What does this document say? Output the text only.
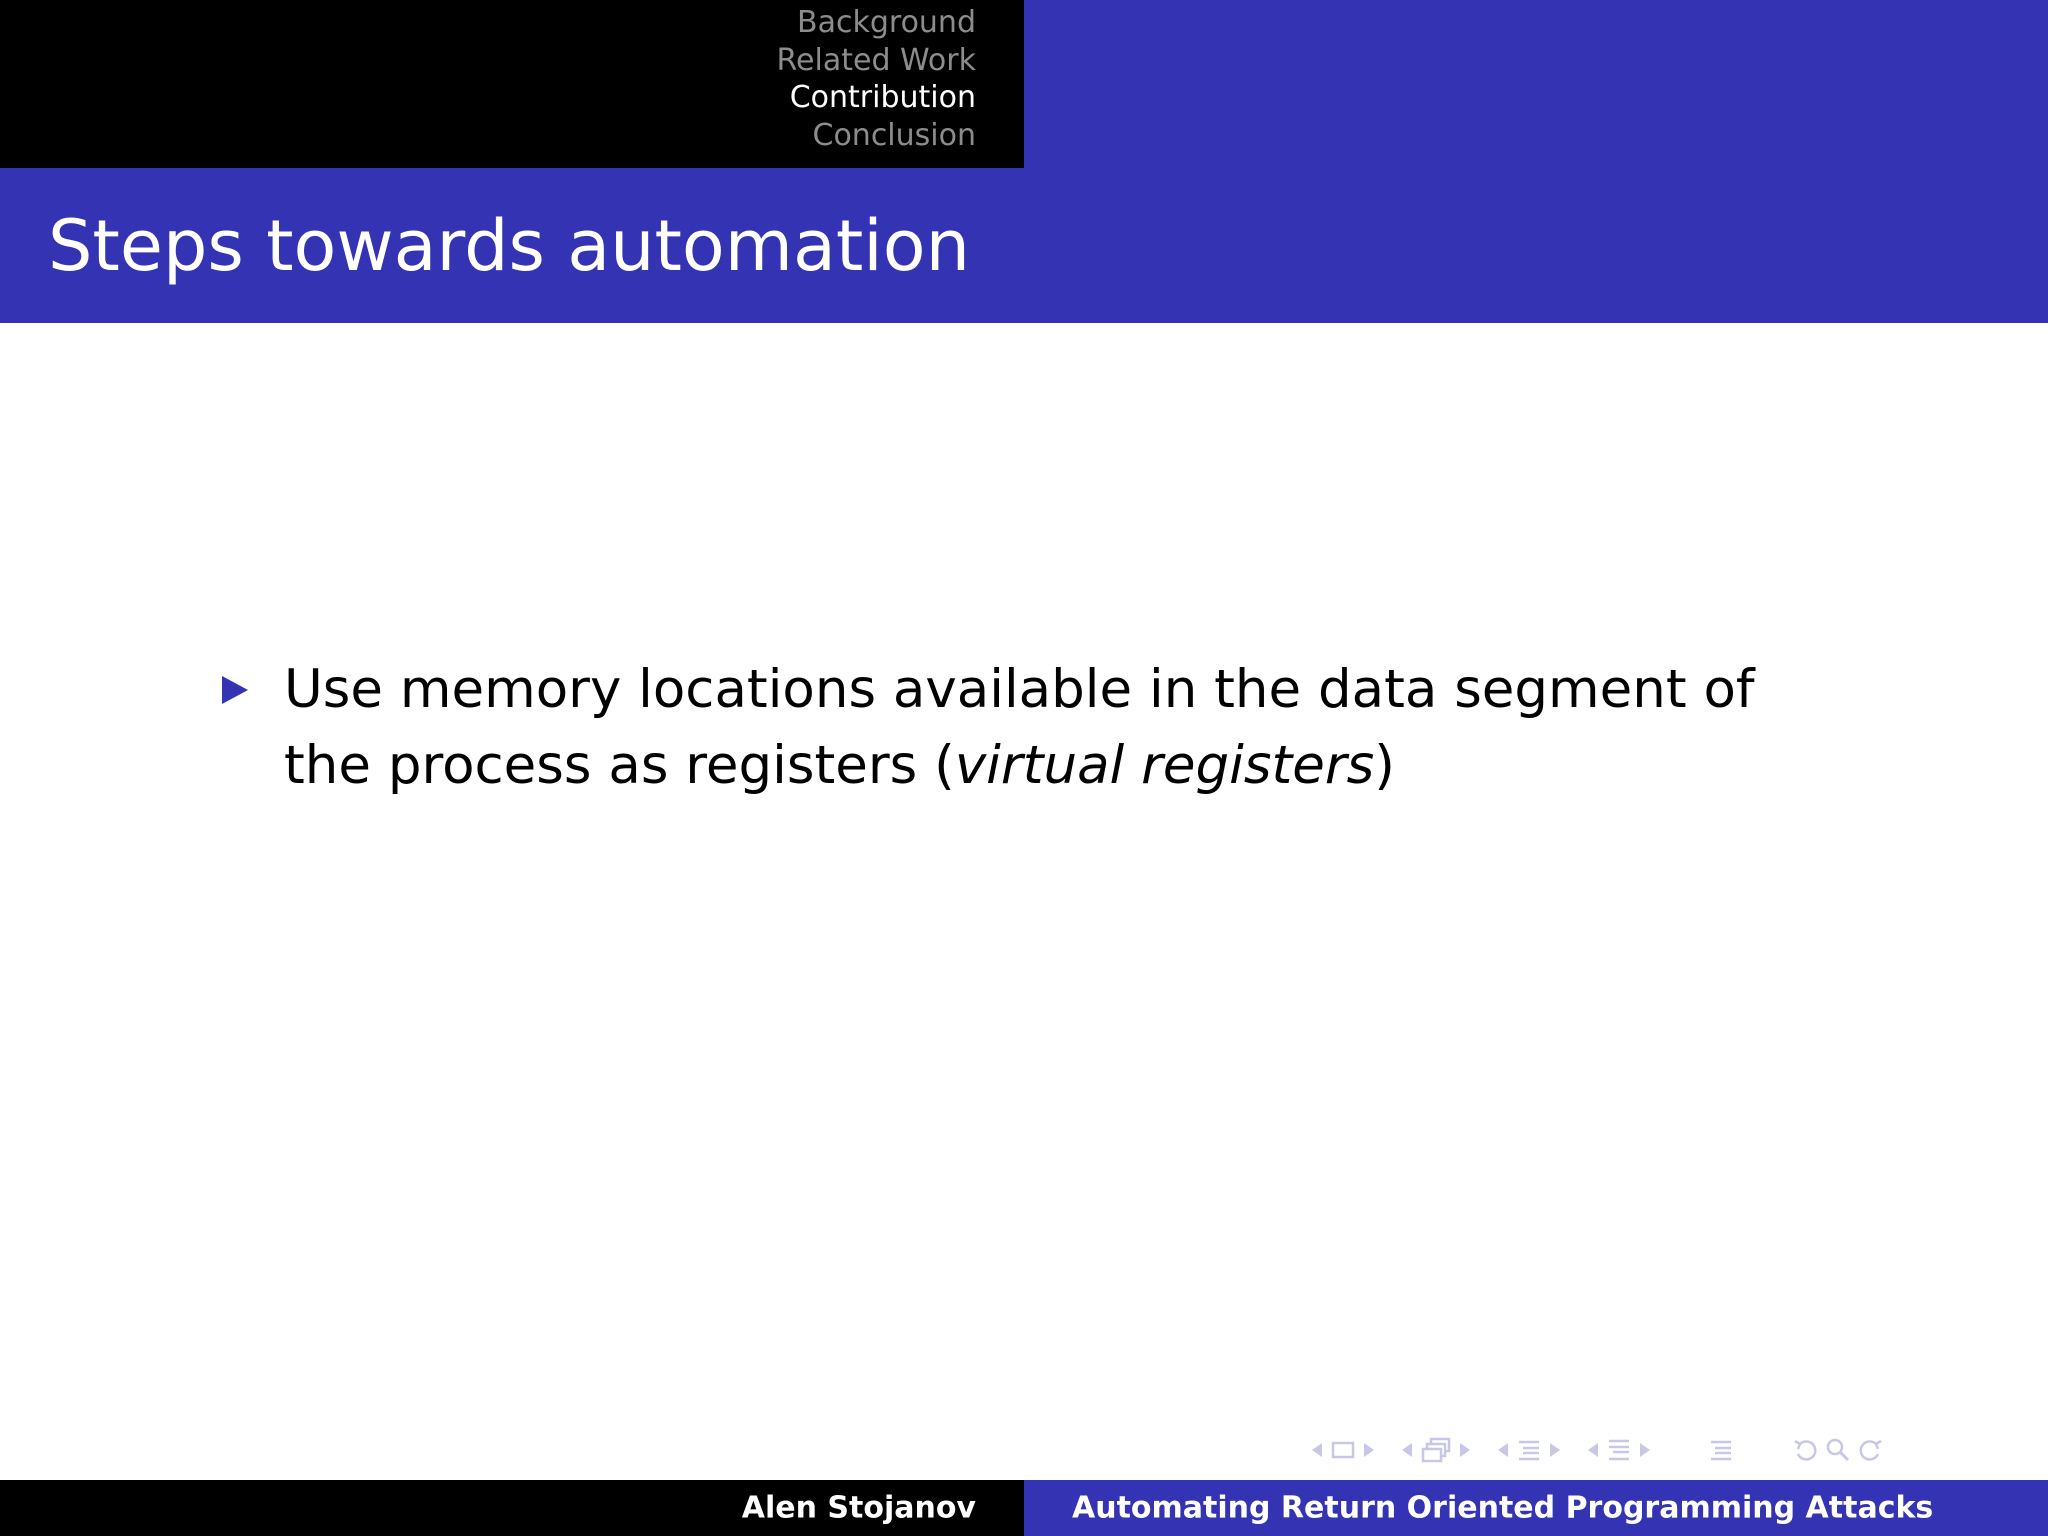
Background
Related Work
Contribution
Conclusion
Steps towards automation
Use memory locations available in the data segment of the process as registers (virtual registers)
Alen Stojanov	Automating Return Oriented Programming Attacks
